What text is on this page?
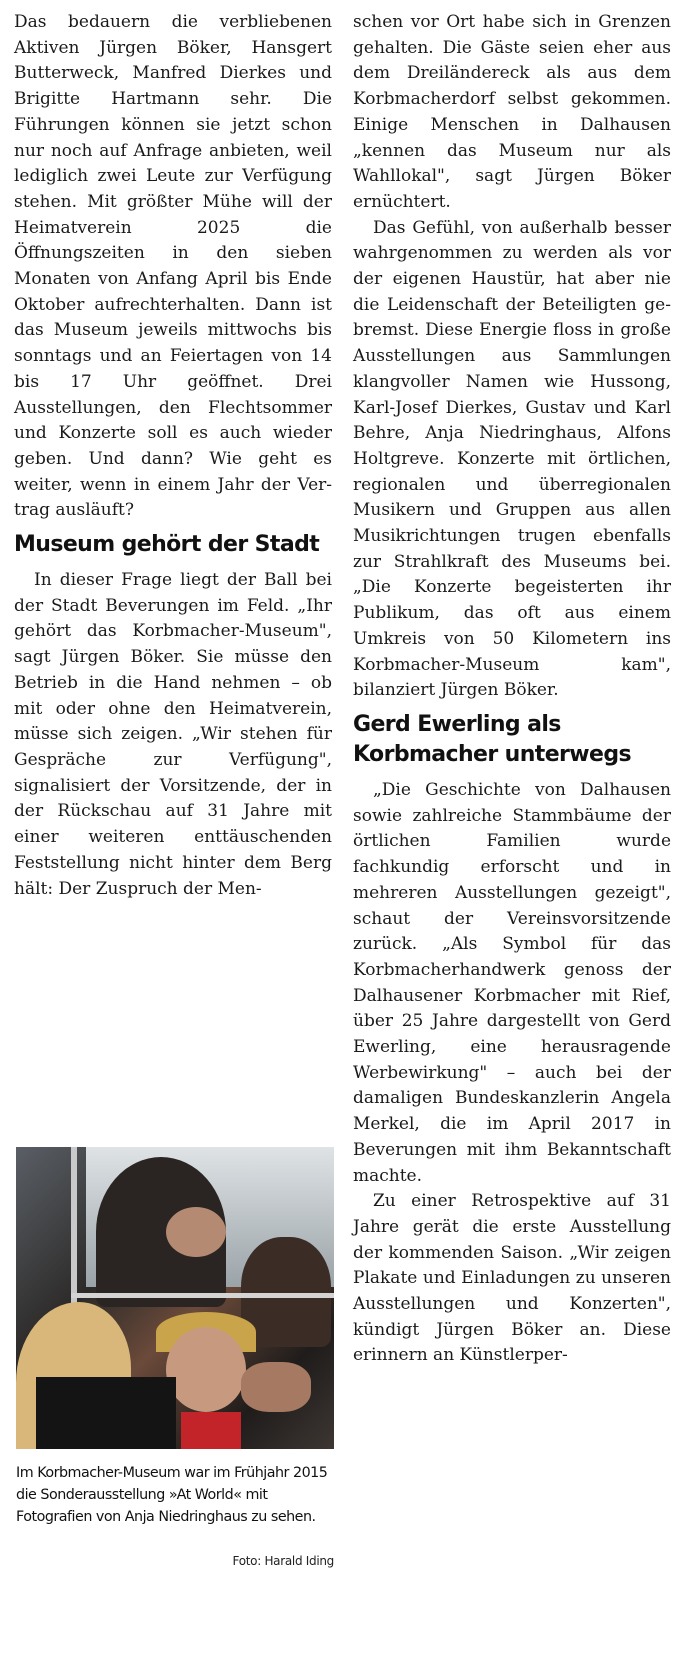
Das bedauern die verbliebenen Aktiven Jürgen Böker, Hansgert Butterweck, Manfred Dierkes und Brigitte Hartmann sehr. Die Führungen können sie jetzt schon nur noch auf Anfrage anbieten, weil lediglich zwei Leute zur Verfügung stehen. Mit größter Mühe will der Heimatverein 2025 die Öffnungszeiten in den sieben Monaten von Anfang April bis Ende Oktober aufrechterhalten. Dann ist das Museum jeweils mittwochs bis sonntags und an Feiertagen von 14 bis 17 Uhr geöffnet. Drei Ausstellungen, den Flechtsommer und Konzerte soll es auch wieder geben. Und dann? Wie geht es weiter, wenn in einem Jahr der Vertrag ausläuft?

Museum gehört der Stadt

In dieser Frage liegt der Ball bei der Stadt Beverungen im Feld. „Ihr gehört das Korbmacher-Museum", sagt Jürgen Böker. Sie müsse den Betrieb in die Hand nehmen – ob mit oder ohne den Heimatverein, müsse sich zeigen. „Wir stehen für Gespräche zur Verfügung", signalisiert der Vorsitzende, der in der Rückschau auf 31 Jahre mit einer weiteren enttäuschenden Feststellung nicht hinter dem Berg hält: Der Zuspruch der Men-

Im Korbmacher-Museum war im Frühjahr 2015 die Sonderausstellung »At World« mit Fotografien von Anja Niedringhaus zu sehen.
Foto: Harald Iding

schen vor Ort habe sich in Grenzen gehalten. Die Gäste seien eher aus dem Dreiländereck als aus dem Korbmacherdorf selbst gekommen. Einige Menschen in Dalhausen „kennen das Museum nur als Wahllokal", sagt Jürgen Böker ernüchtert.

Das Gefühl, von außerhalb besser wahrgenommen zu werden als vor der eigenen Haustür, hat aber nie die Leidenschaft der Beteiligten gebremst. Diese Energie floss in große Ausstellungen aus Sammlungen klangvoller Namen wie Hussong, Karl-Josef Dierkes, Gustav und Karl Behre, Anja Niedringhaus, Alfons Holtgreve. Konzerte mit örtlichen, regionalen und überregionalen Musikern und Gruppen aus allen Musikrichtungen trugen ebenfalls zur Strahlkraft des Museums bei. „Die Konzerte begeisterten ihr Publikum, das oft aus einem Umkreis von 50 Kilometern ins Korbmacher-Museum kam", bilanziert Jürgen Böker.

Gerd Ewerling als Korbmacher unterwegs

„Die Geschichte von Dalhausen sowie zahlreiche Stammbäume der örtlichen Familien wurde fachkundig erforscht und in mehreren Ausstellungen gezeigt", schaut der Vereinsvorsitzende zurück. „Als Symbol für das Korbmacherhandwerk genoss der Dalhausener Korbmacher mit Rief, über 25 Jahre dargestellt von Gerd Ewerling, eine herausragende Werbewirkung" – auch bei der damaligen Bundeskanzlerin Angela Merkel, die im April 2017 in Beverungen mit ihm Bekanntschaft machte.

Zu einer Retrospektive auf 31 Jahre gerät die erste Ausstellung der kommenden Saison. „Wir zeigen Plakate und Einladungen zu unseren Ausstellungen und Konzerten", kündigt Jürgen Böker an. Diese erinnern an Künstlerper-
